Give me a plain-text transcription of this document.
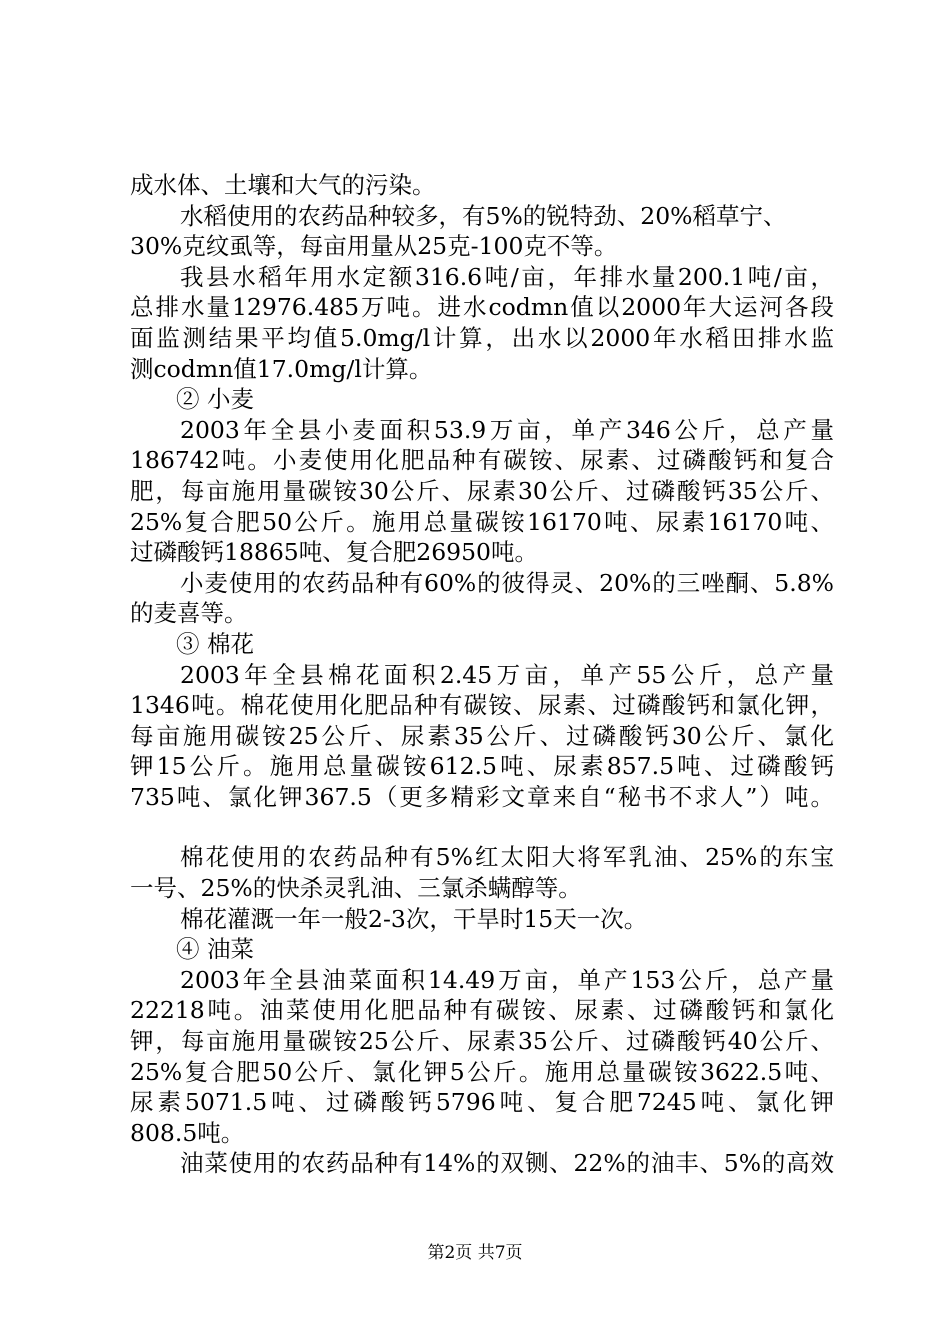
成水体、土壤和大气的污染。
水稻使用的农药品种较多，有5%的锐特劲、20%稻草宁、
30%克纹虱等，每亩用量从25克-100克不等。
我县水稻年用水定额316.6吨/亩，年排水量200.1吨/亩，
总排水量12976.485万吨。进水codmn值以2000年大运河各段
面监测结果平均值5.0mg/l计算，出水以2000年水稻田排水监
测codmn值17.0mg/l计算。
② 小麦
2003年全县小麦面积53.9万亩，单产346公斤，总产量
186742吨。小麦使用化肥品种有碳铵、尿素、过磷酸钙和复合
肥，每亩施用量碳铵30公斤、尿素30公斤、过磷酸钙35公斤、
25%复合肥50公斤。施用总量碳铵16170吨、尿素16170吨、
过磷酸钙18865吨、复合肥26950吨。
小麦使用的农药品种有60%的彼得灵、20%的三唑酮、5.8%
的麦喜等。
③ 棉花
2003年全县棉花面积2.45万亩，单产55公斤，总产量
1346吨。棉花使用化肥品种有碳铵、尿素、过磷酸钙和氯化钾，
每亩施用碳铵25公斤、尿素35公斤、过磷酸钙30公斤、氯化
钾15公斤。施用总量碳铵612.5吨、尿素857.5吨、过磷酸钙
735吨、氯化钾367.5（更多精彩文章来自“秘书不求人”）吨。
棉花使用的农药品种有5%红太阳大将军乳油、25%的东宝
一号、25%的快杀灵乳油、三氯杀螨醇等。
棉花灌溉一年一般2-3次，干旱时15天一次。
④ 油菜
2003年全县油菜面积14.49万亩，单产153公斤，总产量
22218吨。油菜使用化肥品种有碳铵、尿素、过磷酸钙和氯化
钾，每亩施用量碳铵25公斤、尿素35公斤、过磷酸钙40公斤、
25%复合肥50公斤、氯化钾5公斤。施用总量碳铵3622.5吨、
尿素5071.5吨、过磷酸钙5796吨、复合肥7245吨、氯化钾
808.5吨。
油菜使用的农药品种有14%的双铡、22%的油丰、5%的高效
第2页 共7页
